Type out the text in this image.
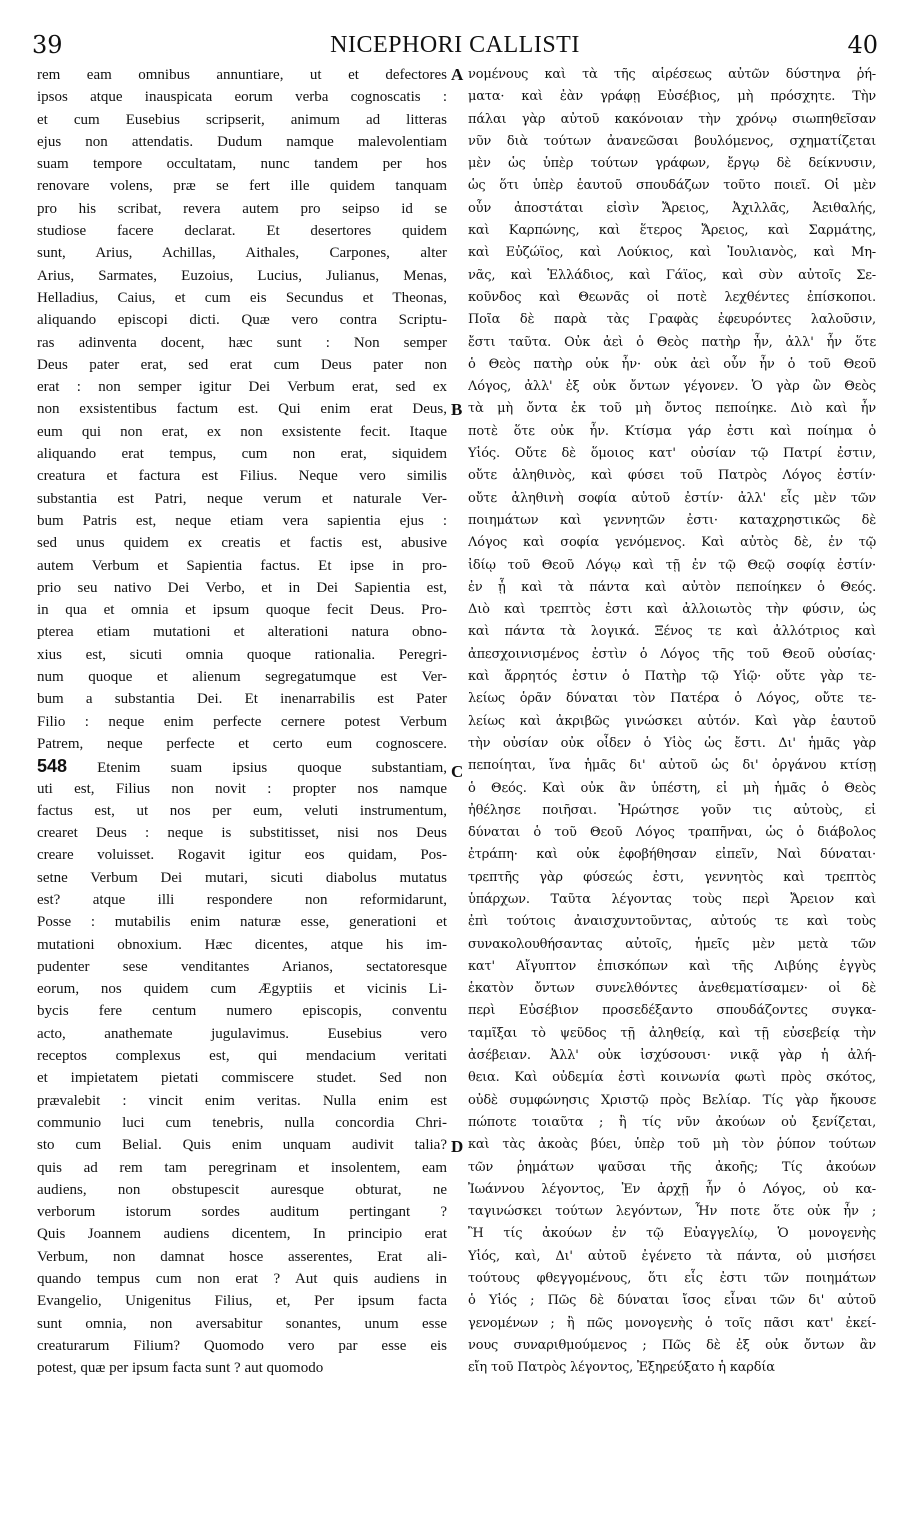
39	NICEPHORI CALLISTI	40
rem eam omnibus annuntiare, ut et defectores
ipsos atque inauspicata eorum verba cognoscatis :
et cum Eusebius scripserit, animum ad litteras
ejus non attendatis. Dudum namque malevolentiam
suam tempore occultatam, nunc tandem per hos
renovare volens, præ se fert ille quidem tanquam
pro his scribat, revera autem pro seipso id se
studiose facere declarat. Et desertores quidem
sunt, Arius, Achillas, Aithales, Carpones, alter
Arius, Sarmates, Euzoius, Lucius, Julianus, Menas,
Helladius, Caius, et cum eis Secundus et Theonas,
aliquando episcopi dicti. Quæ vero contra Scriptu-
ras adinventa docent, hæc sunt : Non semper
Deus pater erat, sed erat cum Deus pater non
erat : non semper igitur Dei Verbum erat, sed ex
non exsistentibus factum est. Qui enim erat Deus,
eum qui non erat, ex non exsistente fecit. Itaque
aliquando erat tempus, cum non erat, siquidem
creatura et factura est Filius. Neque vero similis
substantia est Patri, neque verum et naturale Ver-
bum Patris est, neque etiam vera sapientia ejus :
sed unus quidem ex creatis et factis est, abusive
autem Verbum et Sapientia factus. Et ipse in pro-
prio seu nativo Dei Verbo, et in Dei Sapientia est,
in qua et omnia et ipsum quoque fecit Deus. Pro-
pterea etiam mutationi et alterationi natura obno-
xius est, sicuti omnia quoque rationalia. Peregri-
num quoque et alienum segregatumque est Ver-
bum a substantia Dei. Et inenarrabilis est Pater
Filio : neque enim perfecte cernere potest Verbum
Patrem, neque perfecte et certo eum cognoscere.
548 Etenim suam ipsius quoque substantiam,
uti est, Filius non novit : propter nos namque
factus est, ut nos per eum, veluti instrumentum,
crearet Deus : neque is substitisset, nisi nos Deus
creare voluisset. Rogavit igitur eos quidam, Pos-
setne Verbum Dei mutari, sicuti diabolus mutatus
est? atque illi respondere non reformidarunt,
Posse : mutabilis enim naturæ esse, generationi et
mutationi obnoxium. Hæc dicentes, atque his im-
pudenter sese venditantes Arianos, sectatoresque
eorum, nos quidem cum Ægyptiis et vicinis Li-
bycis fere centum numero episcopis, conventu
acto, anathemate jugulavimus. Eusebius vero
receptos complexus est, qui mendacium veritati
et impietatem pietati commiscere studet. Sed non
prævalebit : vincit enim veritas. Nulla enim est
communio luci cum tenebris, nulla concordia Chri-
sto cum Belial. Quis enim unquam audivit talia?
quis ad rem tam peregrinam et insolentem, eam
audiens, non obstupescit auresque obturat, ne
verborum istorum sordes auditum pertingant ?
Quis Joannem audiens dicentem, In principio erat
Verbum, non damnat hosce asserentes, Erat ali-
quando tempus cum non erat ? Aut quis audiens in
Evangelio, Unigenitus Filius, et, Per ipsum facta
sunt omnia, non aversabitur sonantes, unum esse
creaturarum Filium? Quomodo vero par esse eis
potest, quæ per ipsum facta sunt ? aut quomodo
νομένους καὶ τὰ τῆς αἱρέσεως αὐτῶν δύστηνα ῥή-
ματα· καὶ ἐὰν γράφῃ Εὐσέβιος, μὴ πρόσχητε. Τὴν
πάλαι γὰρ αὐτοῦ κακόνοιαν τὴν χρόνῳ σιωπηθεῖσαν
νῦν διὰ τούτων ἀνανεῶσαι βουλόμενος, σχηματίζεται
μὲν ὡς ὑπὲρ τούτων γράφων, ἔργῳ δὲ δείκνυσιν,
ὡς ὅτι ὑπὲρ ἑαυτοῦ σπουδάζων τοῦτο ποιεῖ. Οἱ μὲν
οὖν ἀποστάται εἰσὶν Ἄρειος, Ἀχιλλᾶς, Ἀειθαλής,
καὶ Καρπώνης, καὶ ἕτερος Ἄρειος, καὶ Σαρμάτης,
καὶ Εὐζώϊος, καὶ Λούκιος, καὶ Ἰουλιανὸς, καὶ Μη-
νᾶς, καὶ Ἑλλάδιος, καὶ Γάϊος, καὶ σὺν αὐτοῖς Σε-
κοῦνδος καὶ Θεωνᾶς οἱ ποτὲ λεχθέντες ἐπίσκοποι.
Ποῖα δὲ παρὰ τὰς Γραφὰς ἐφευρόντες λαλοῦσιν,
ἔστι ταῦτα. Οὐκ ἀεὶ ὁ Θεὸς πατὴρ ἦν, ἀλλ' ἦν ὅτε
ὁ Θεὸς πατὴρ οὐκ ἦν· οὐκ ἀεὶ οὖν ἦν ὁ τοῦ Θεοῦ
Λόγος, ἀλλ' ἐξ οὐκ ὄντων γέγονεν. Ὁ γὰρ ὢν Θεὸς
τὰ μὴ ὄντα ἐκ τοῦ μὴ ὄντος πεποίηκε. Διὸ καὶ ἦν
ποτὲ ὅτε οὐκ ἦν. Κτίσμα γάρ ἐστι καὶ ποίημα ὁ
Υἱός. Οὔτε δὲ ὅμοιος κατ' οὐσίαν τῷ Πατρί ἐστιν,
οὔτε ἀληθινὸς, καὶ φύσει τοῦ Πατρὸς Λόγος ἐστίν·
οὔτε ἀληθινὴ σοφία αὐτοῦ ἐστίν· ἀλλ' εἷς μὲν τῶν
ποιημάτων καὶ γεννητῶν ἐστι· καταχρηστικῶς δὲ
Λόγος καὶ σοφία γενόμενος. Καὶ αὐτὸς δὲ, ἐν τῷ
ἰδίῳ τοῦ Θεοῦ Λόγῳ καὶ τῇ ἐν τῷ Θεῷ σοφίᾳ ἐστίν·
ἐν ᾗ καὶ τὰ πάντα καὶ αὐτὸν πεποίηκεν ὁ Θεός.
Διὸ καὶ τρεπτὸς ἐστι καὶ ἀλλοιωτὸς τὴν φύσιν, ὡς
καὶ πάντα τὰ λογικά. Ξένος τε καὶ ἀλλότριος καὶ
ἀπεσχοινισμένος ἐστὶν ὁ Λόγος τῆς τοῦ Θεοῦ οὐσίας·
καὶ ἄρρητός ἐστιν ὁ Πατὴρ τῷ Υἱῷ· οὔτε γὰρ τε-
λείως ὁρᾶν δύναται τὸν Πατέρα ὁ Λόγος, οὔτε τε-
λείως καὶ ἀκριβῶς γινώσκει αὐτόν. Καὶ γὰρ ἑαυτοῦ
τὴν οὐσίαν οὐκ οἶδεν ὁ Υἱὸς ὡς ἔστι. Δι' ἡμᾶς γὰρ
πεποίηται, ἵνα ἡμᾶς δι' αὐτοῦ ὡς δι' ὀργάνου κτίσῃ
ὁ Θεός. Καὶ οὐκ ἂν ὑπέστη, εἰ μὴ ἡμᾶς ὁ Θεὸς
ἠθέλησε ποιῆσαι. Ἠρώτησε γοῦν τις αὐτοὺς, εἰ
δύναται ὁ τοῦ Θεοῦ Λόγος τραπῆναι, ὡς ὁ διάβολος
ἐτράπη· καὶ οὐκ ἐφοβήθησαν εἰπεῖν, Ναὶ δύναται·
τρεπτῆς γὰρ φύσεώς ἐστι, γεννητὸς καὶ τρεπτὸς
ὑπάρχων. Ταῦτα λέγοντας τοὺς περὶ Ἄρειον καὶ
ἐπὶ τούτοις ἀναισχυντοῦντας, αὐτούς τε καὶ τοὺς
συνακολουθήσαντας αὐτοῖς, ἡμεῖς μὲν μετὰ τῶν
κατ' Αἴγυπτον ἐπισκόπων καὶ τῆς Λιβύης ἐγγὺς
ἑκατὸν ὄντων συνελθόντες ἀνεθεματίσαμεν· οἱ δὲ
περὶ Εὐσέβιον προσεδέξαντο σπουδάζοντες συγκα-
ταμῖξαι τὸ ψεῦδος τῇ ἀληθείᾳ, καὶ τῇ εὐσεβείᾳ τὴν
ἀσέβειαν. Ἀλλ' οὐκ ἰσχύσουσι· νικᾷ γὰρ ἡ ἀλή-
θεια. Καὶ οὐδεμία ἐστὶ κοινωνία φωτὶ πρὸς σκότος,
οὐδὲ συμφώνησις Χριστῷ πρὸς Βελίαρ. Τίς γὰρ ἤκουσε
πώποτε τοιαῦτα ; ἢ τίς νῦν ἀκούων οὐ ξενίζεται,
καὶ τὰς ἀκοὰς βύει, ὑπὲρ τοῦ μὴ τὸν ῥύπον τούτων
τῶν ῥημάτων ψαῦσαι τῆς ἀκοῆς; Τίς ἀκούων
Ἰωάννου λέγοντος, Ἐν ἀρχῇ ἦν ὁ Λόγος, οὐ κα-
ταγινώσκει τούτων λεγόντων, Ἦν ποτε ὅτε οὐκ ἦν ;
Ἢ τίς ἀκούων ἐν τῷ Εὐαγγελίῳ, Ὁ μονογενὴς
Υἱός, καὶ, Δι' αὐτοῦ ἐγένετο τὰ πάντα, οὐ μισήσει
τούτους φθεγγομένους, ὅτι εἷς ἐστι τῶν ποιημάτων
ὁ Υἱός ; Πῶς δὲ δύναται ἴσος εἶναι τῶν δι' αὐτοῦ
γενομένων ; ἢ πῶς μονογενὴς ὁ τοῖς πᾶσι κατ' ἐκεί-
νους συναριθμούμενος ; Πῶς δὲ ἐξ οὐκ ὄντων ἂν
εἴη τοῦ Πατρὸς λέγοντος, Ἐξηρεύξατο ἡ καρδία
A
B
C
D
